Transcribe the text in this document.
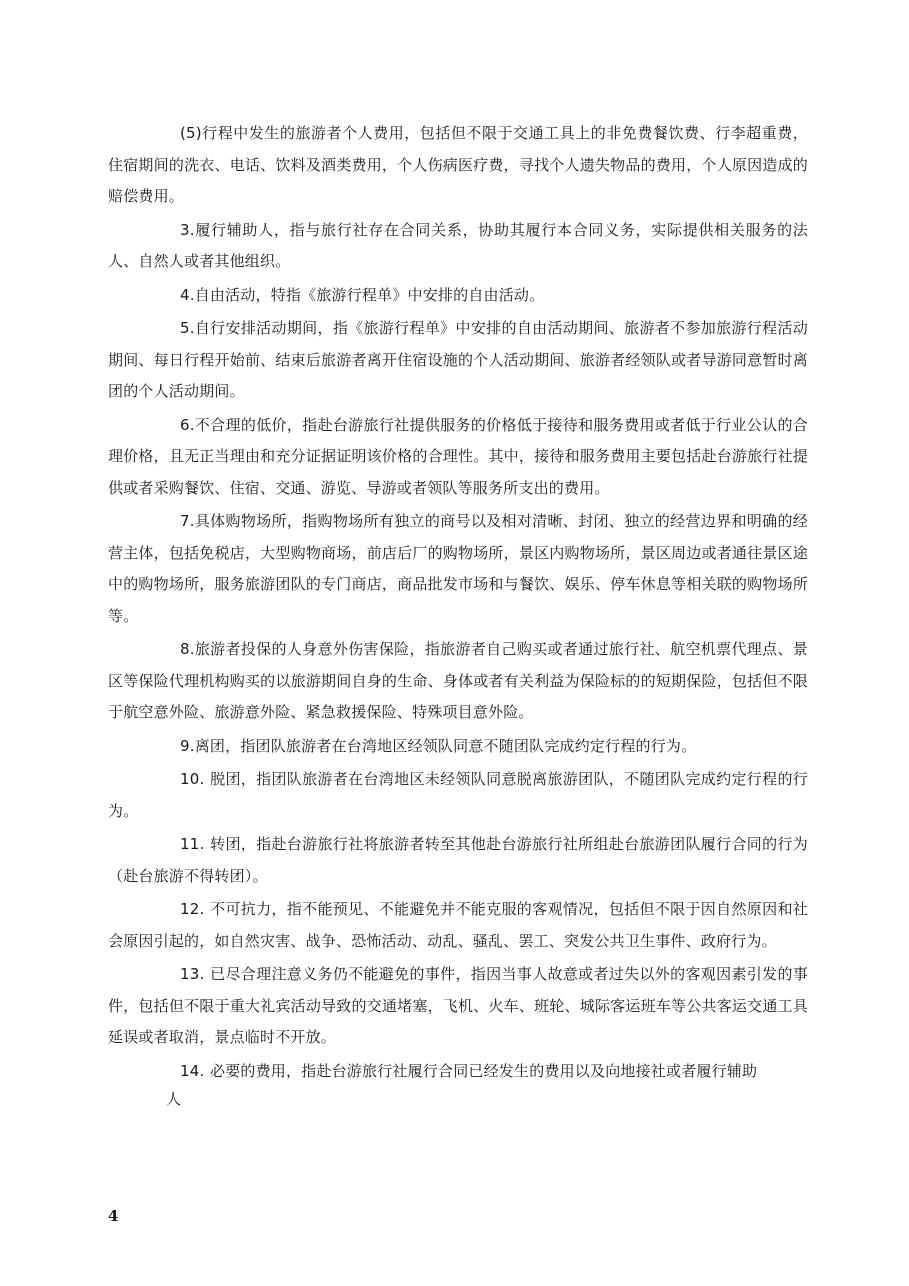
(5)行程中发生的旅游者个人费用，包括但不限于交通工具上的非免费餐饮费、行李超重费，住宿期间的洗衣、电话、饮料及酒类费用，个人伤病医疗费，寻找个人遗失物品的费用，个人原因造成的赔偿费用。

3.履行辅助人，指与旅行社存在合同关系，协助其履行本合同义务，实际提供相关服务的法人、自然人或者其他组织。

4.自由活动，特指《旅游行程单》中安排的自由活动。

5.自行安排活动期间，指《旅游行程单》中安排的自由活动期间、旅游者不参加旅游行程活动期间、每日行程开始前、结束后旅游者离开住宿设施的个人活动期间、旅游者经领队或者导游同意暂时离团的个人活动期间。

6.不合理的低价，指赴台游旅行社提供服务的价格低于接待和服务费用或者低于行业公认的合理价格，且无正当理由和充分证据证明该价格的合理性。其中，接待和服务费用主要包括赴台游旅行社提供或者采购餐饮、住宿、交通、游览、导游或者领队等服务所支出的费用。

7.具体购物场所，指购物场所有独立的商号以及相对清晰、封闭、独立的经营边界和明确的经营主体，包括免税店，大型购物商场，前店后厂的购物场所，景区内购物场所，景区周边或者通往景区途中的购物场所，服务旅游团队的专门商店，商品批发市场和与餐饮、娱乐、停车休息等相关联的购物场所等。

8.旅游者投保的人身意外伤害保险，指旅游者自己购买或者通过旅行社、航空机票代理点、景区等保险代理机构购买的以旅游期间自身的生命、身体或者有关利益为保险标的的短期保险，包括但不限于航空意外险、旅游意外险、紧急救援保险、特殊项目意外险。

9.离团，指团队旅游者在台湾地区经领队同意不随团队完成约定行程的行为。

10. 脱团，指团队旅游者在台湾地区未经领队同意脱离旅游团队，不随团队完成约定行程的行为。

11. 转团，指赴台游旅行社将旅游者转至其他赴台游旅行社所组赴台旅游团队履行合同的行为（赴台旅游不得转团）。

12. 不可抗力，指不能预见、不能避免并不能克服的客观情况，包括但不限于因自然原因和社会原因引起的，如自然灾害、战争、恐怖活动、动乱、骚乱、罢工、突发公共卫生事件、政府行为。

13. 已尽合理注意义务仍不能避免的事件，指因当事人故意或者过失以外的客观因素引发的事件，包括但不限于重大礼宾活动导致的交通堵塞，飞机、火车、班轮、城际客运班车等公共客运交通工具延误或者取消，景点临时不开放。

14. 必要的费用，指赴台游旅行社履行合同已经发生的费用以及向地接社或者履行辅助

人
4
